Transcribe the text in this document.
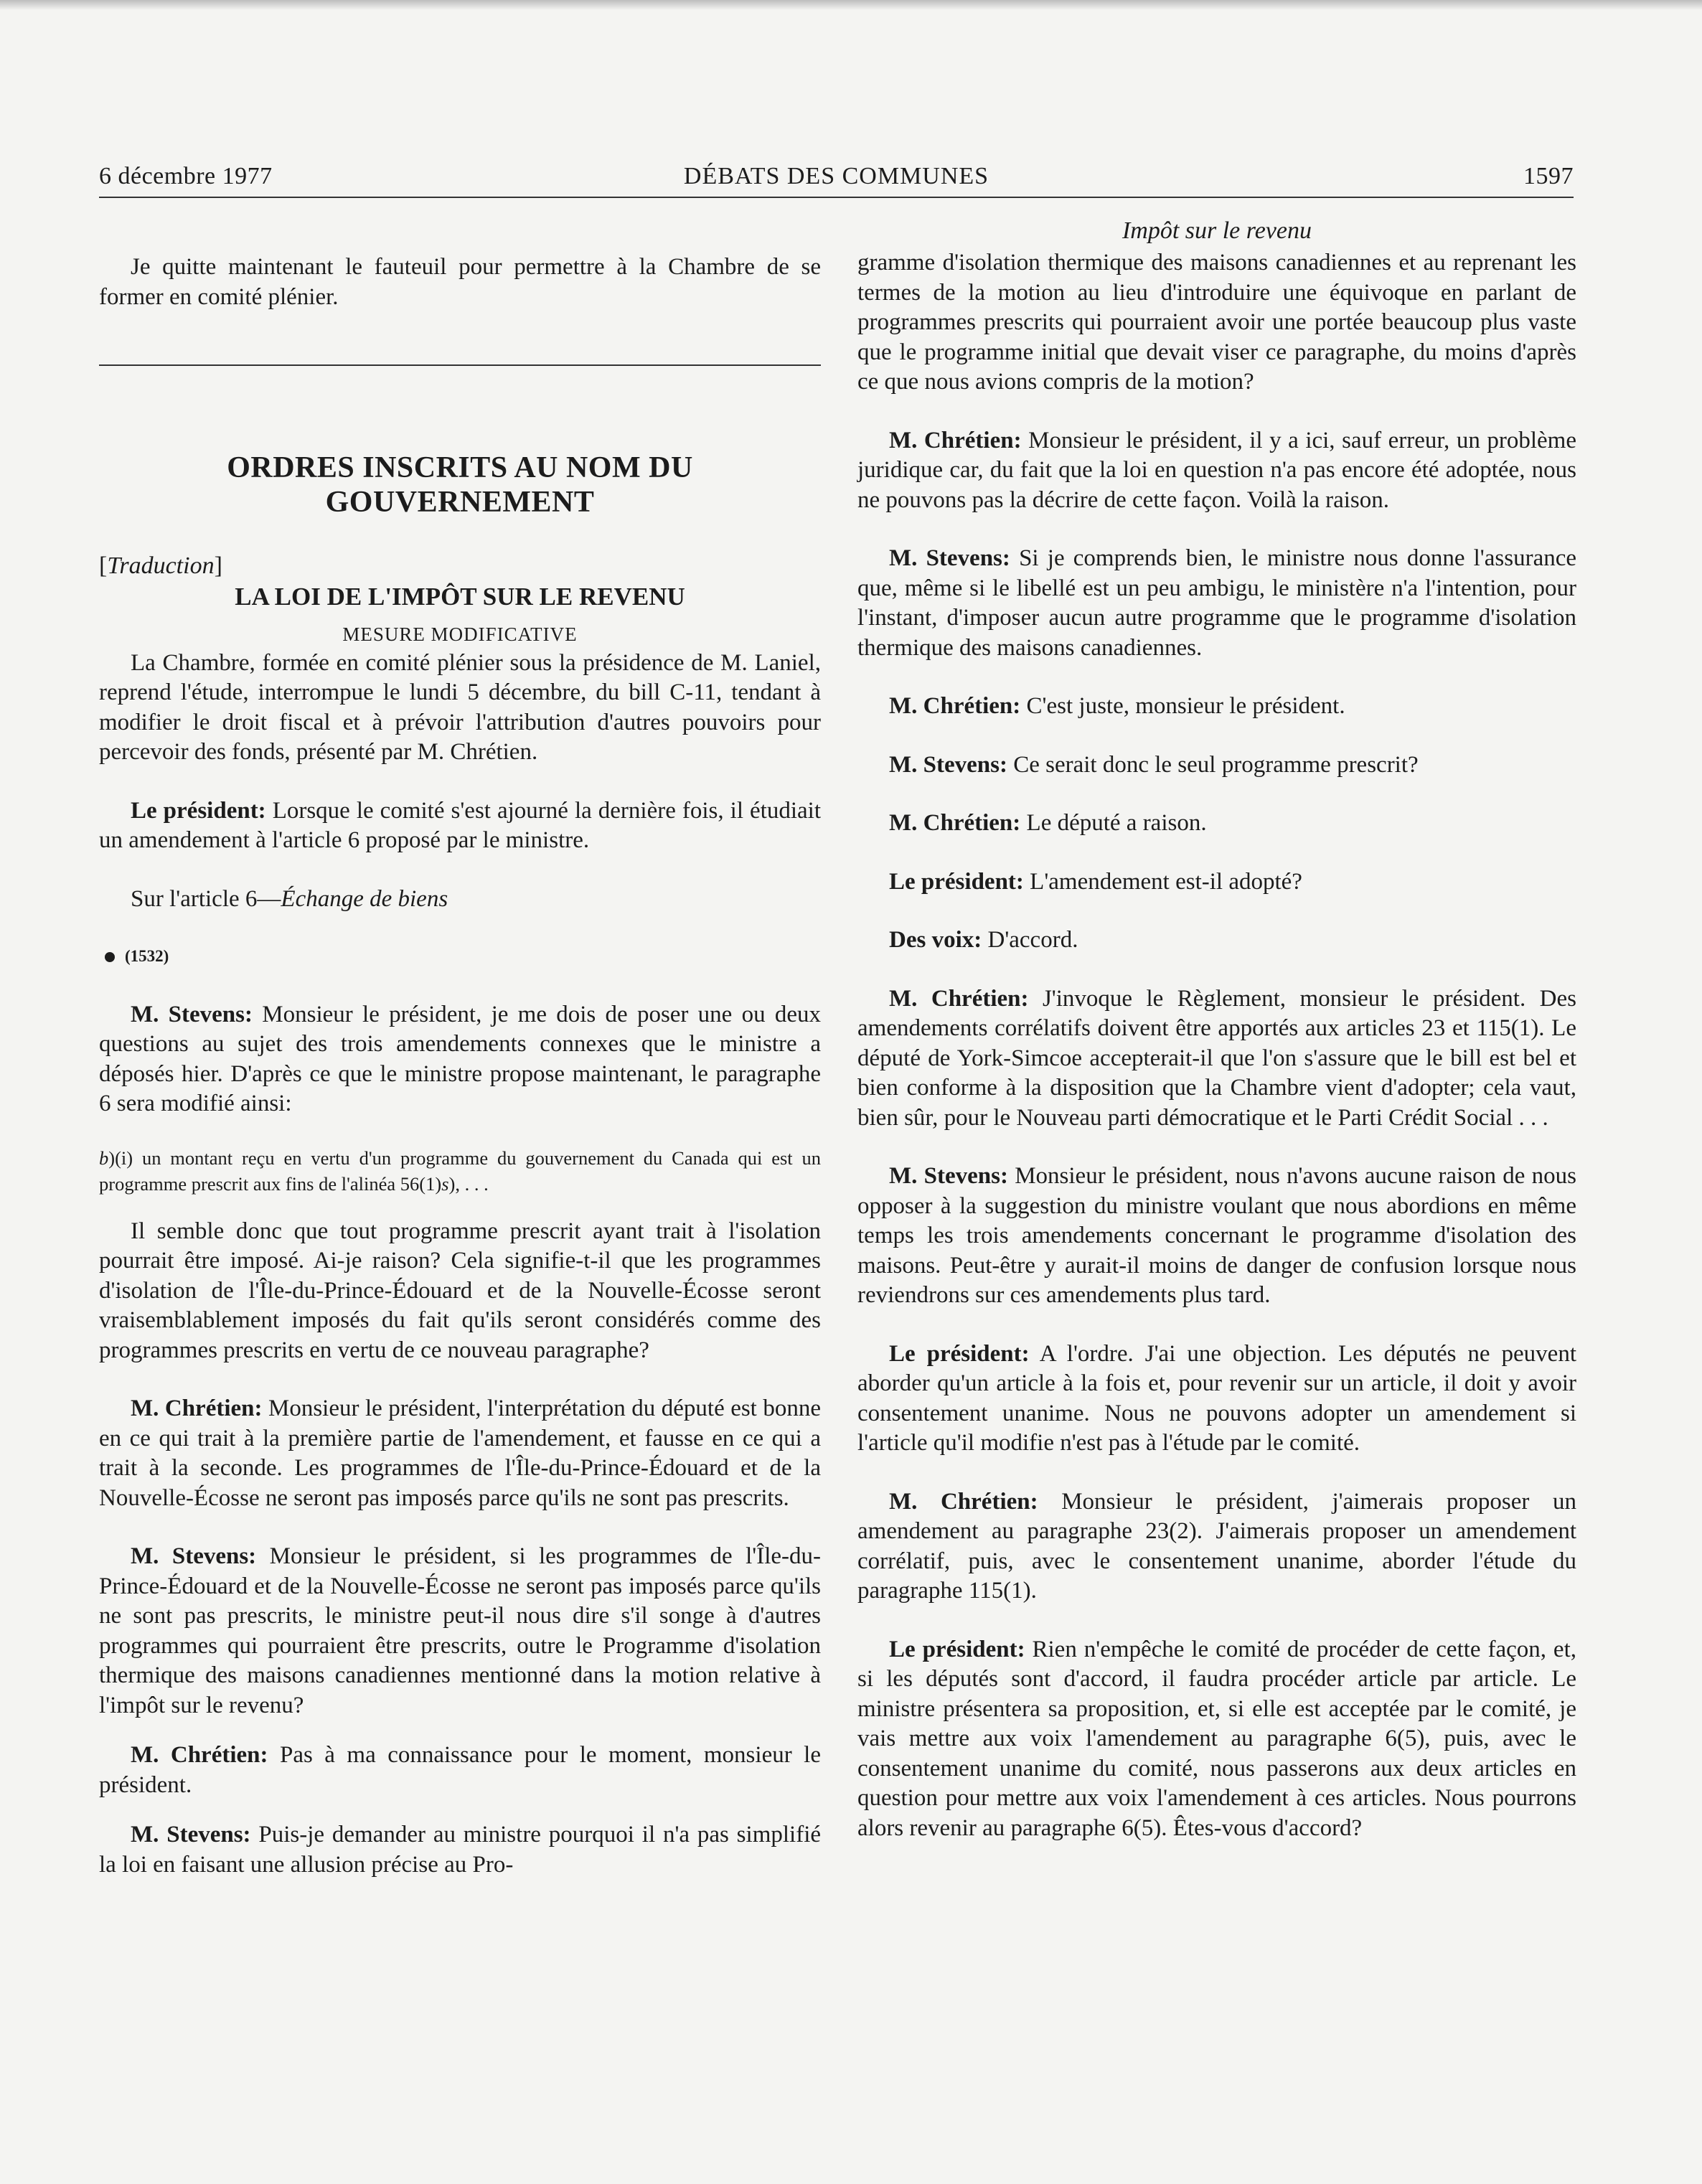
6 décembre 1977	DÉBATS DES COMMUNES	1597

Je quitte maintenant le fauteuil pour permettre à la Chambre de se former en comité plénier.

ORDRES INSCRITS AU NOM DU
GOUVERNEMENT

[Traduction]

LA LOI DE L'IMPÔT SUR LE REVENU

MESURE MODIFICATIVE

La Chambre, formée en comité plénier sous la présidence de M. Laniel, reprend l'étude, interrompue le lundi 5 décembre, du bill C-11, tendant à modifier le droit fiscal et à prévoir l'attribution d'autres pouvoirs pour percevoir des fonds, présenté par M. Chrétien.

Le président: Lorsque le comité s'est ajourné la dernière fois, il étudiait un amendement à l'article 6 proposé par le ministre.

Sur l'article 6—Échange de biens

(1532)

M. Stevens: Monsieur le président, je me dois de poser une ou deux questions au sujet des trois amendements connexes que le ministre a déposés hier. D'après ce que le ministre propose maintenant, le paragraphe 6 sera modifié ainsi:

b)(i) un montant reçu en vertu d'un programme du gouvernement du Canada qui est un programme prescrit aux fins de l'alinéa 56(1)s), . . .

Il semble donc que tout programme prescrit ayant trait à l'isolation pourrait être imposé. Ai-je raison? Cela signifie-t-il que les programmes d'isolation de l'Île-du-Prince-Édouard et de la Nouvelle-Écosse seront vraisemblablement imposés du fait qu'ils seront considérés comme des programmes prescrits en vertu de ce nouveau paragraphe?

M. Chrétien: Monsieur le président, l'interprétation du député est bonne en ce qui trait à la première partie de l'amendement, et fausse en ce qui a trait à la seconde. Les programmes de l'Île-du-Prince-Édouard et de la Nouvelle-Écosse ne seront pas imposés parce qu'ils ne sont pas prescrits.

M. Stevens: Monsieur le président, si les programmes de l'Île-du-Prince-Édouard et de la Nouvelle-Écosse ne seront pas imposés parce qu'ils ne sont pas prescrits, le ministre peut-il nous dire s'il songe à d'autres programmes qui pourraient être prescrits, outre le Programme d'isolation thermique des maisons canadiennes mentionné dans la motion relative à l'impôt sur le revenu?

M. Chrétien: Pas à ma connaissance pour le moment, monsieur le président.

M. Stevens: Puis-je demander au ministre pourquoi il n'a pas simplifié la loi en faisant une allusion précise au Pro-

Impôt sur le revenu

gramme d'isolation thermique des maisons canadiennes et au reprenant les termes de la motion au lieu d'introduire une équivoque en parlant de programmes prescrits qui pourraient avoir une portée beaucoup plus vaste que le programme initial que devait viser ce paragraphe, du moins d'après ce que nous avions compris de la motion?

M. Chrétien: Monsieur le président, il y a ici, sauf erreur, un problème juridique car, du fait que la loi en question n'a pas encore été adoptée, nous ne pouvons pas la décrire de cette façon. Voilà la raison.

M. Stevens: Si je comprends bien, le ministre nous donne l'assurance que, même si le libellé est un peu ambigu, le ministère n'a l'intention, pour l'instant, d'imposer aucun autre programme que le programme d'isolation thermique des maisons canadiennes.

M. Chrétien: C'est juste, monsieur le président.

M. Stevens: Ce serait donc le seul programme prescrit?

M. Chrétien: Le député a raison.

Le président: L'amendement est-il adopté?

Des voix: D'accord.

M. Chrétien: J'invoque le Règlement, monsieur le président. Des amendements corrélatifs doivent être apportés aux articles 23 et 115(1). Le député de York-Simcoe accepterait-il que l'on s'assure que le bill est bel et bien conforme à la disposition que la Chambre vient d'adopter; cela vaut, bien sûr, pour le Nouveau parti démocratique et le Parti Crédit Social . . .

M. Stevens: Monsieur le président, nous n'avons aucune raison de nous opposer à la suggestion du ministre voulant que nous abordions en même temps les trois amendements concernant le programme d'isolation des maisons. Peut-être y aurait-il moins de danger de confusion lorsque nous reviendrons sur ces amendements plus tard.

Le président: A l'ordre. J'ai une objection. Les députés ne peuvent aborder qu'un article à la fois et, pour revenir sur un article, il doit y avoir consentement unanime. Nous ne pouvons adopter un amendement si l'article qu'il modifie n'est pas à l'étude par le comité.

M. Chrétien: Monsieur le président, j'aimerais proposer un amendement au paragraphe 23(2). J'aimerais proposer un amendement corrélatif, puis, avec le consentement unanime, aborder l'étude du paragraphe 115(1).

Le président: Rien n'empêche le comité de procéder de cette façon, et, si les députés sont d'accord, il faudra procéder article par article. Le ministre présentera sa proposition, et, si elle est acceptée par le comité, je vais mettre aux voix l'amendement au paragraphe 6(5), puis, avec le consentement unanime du comité, nous passerons aux deux articles en question pour mettre aux voix l'amendement à ces articles. Nous pourrons alors revenir au paragraphe 6(5). Êtes-vous d'accord?
